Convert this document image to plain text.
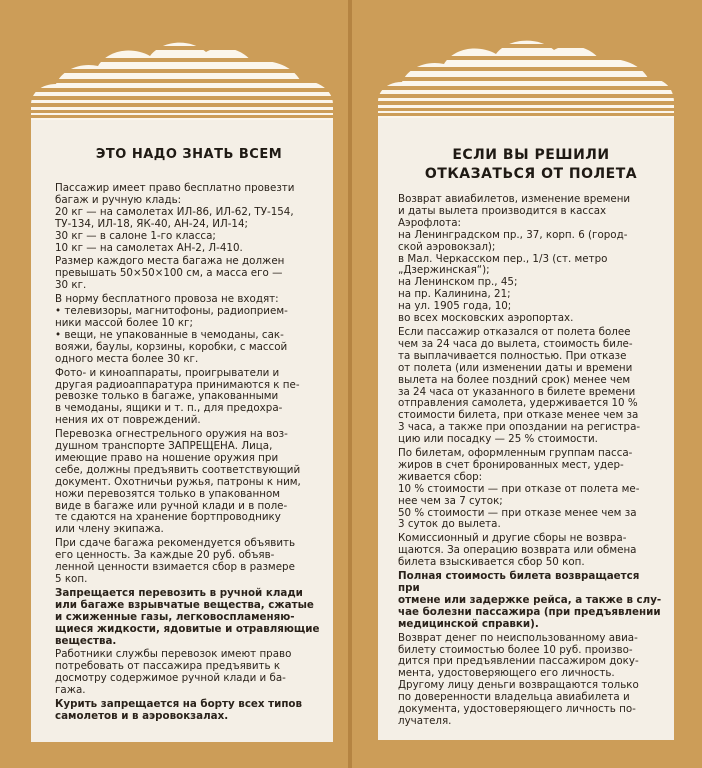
ЭТО НАДО ЗНАТЬ ВСЕМ

Пассажир имеет право бесплатно провезти
багаж и ручную кладь:
20 кг — на самолетах ИЛ-86, ИЛ-62, ТУ-154,
ТУ-134, ИЛ-18, ЯК-40, АН-24, ИЛ-14;
30 кг — в салоне 1-го класса;
10 кг — на самолетах АН-2, Л-410.

Размер каждого места багажа не должен
превышать 50×50×100 см, а масса его —
30 кг.

В норму бесплатного провоза не входят:
• телевизоры, магнитофоны, радиоприем-
ники массой более 10 кг;
• вещи, не упакованные в чемоданы, сак-
вояжи, баулы, корзины, коробки, с массой
одного места более 30 кг.

Фото- и киноаппараты, проигрыватели и
другая радиоаппаратура принимаются к пе-
ревозке только в багаже, упакованными
в чемоданы, ящики и т. п., для предохра-
нения их от повреждений.

Перевозка огнестрельного оружия на воз-
душном транспорте ЗАПРЕЩЕНА. Лица,
имеющие право на ношение оружия при
себе, должны предъявить соответствующий
документ. Охотничьи ружья, патроны к ним,
ножи перевозятся только в упакованном
виде в багаже или ручной клади и в поле-
те сдаются на хранение бортпроводнику
или члену экипажа.

При сдаче багажа рекомендуется объявить
его ценность. За каждые 20 руб. объяв-
ленной ценности взимается сбор в размере
5 коп.

Запрещается перевозить в ручной клади
или багаже взрывчатые вещества, сжатые
и сжиженные газы, легковоспламеняю-
щиеся жидкости, ядовитые и отравляющие
вещества.

Работники службы перевозок имеют право
потребовать от пассажира предъявить к
досмотру содержимое ручной клади и ба-
гажа.

Курить запрещается на борту всех типов
самолетов и в аэровокзалах.

ЕСЛИ ВЫ РЕШИЛИ
ОТКАЗАТЬСЯ ОТ ПОЛЕТА

Возврат авиабилетов, изменение времени
и даты вылета производится в кассах
Аэрофлота:
на Ленинградском пр., 37, корп. 6 (город-
ской аэровокзал);
в Мал. Черкасском пер., 1/3 (ст. метро
„Дзержинская“);
на Ленинском пр., 45;
на пр. Калинина, 21;
на ул. 1905 года, 10;
во всех московских аэропортах.

Если пассажир отказался от полета более
чем за 24 часа до вылета, стоимость биле-
та выплачивается полностью. При отказе
от полета (или изменении даты и времени
вылета на более поздний срок) менее чем
за 24 часа от указанного в билете времени
отправления самолета, удерживается 10 %
стоимости билета, при отказе менее чем за
3 часа, а также при опоздании на регистра-
цию или посадку — 25 % стоимости.

По билетам, оформленным группам пасса-
жиров в счет бронированных мест, удер-
живается сбор:
10 % стоимости — при отказе от полета ме-
нее чем за 7 суток;
50 % стоимости — при отказе менее чем за
3 суток до вылета.

Комиссионный и другие сборы не возвра-
щаются. За операцию возврата или обмена
билета взыскивается сбор 50 коп.

Полная стоимость билета возвращается при
отмене или задержке рейса, а также в слу-
чае болезни пассажира (при предъявлении
медицинской справки).

Возврат денег по неиспользованному авиа-
билету стоимостью более 10 руб. произво-
дится при предъявлении пассажиром доку-
мента, удостоверяющего его личность.
Другому лицу деньги возвращаются только
по доверенности владельца авиабилета и
документа, удостоверяющего личность по-
лучателя.
